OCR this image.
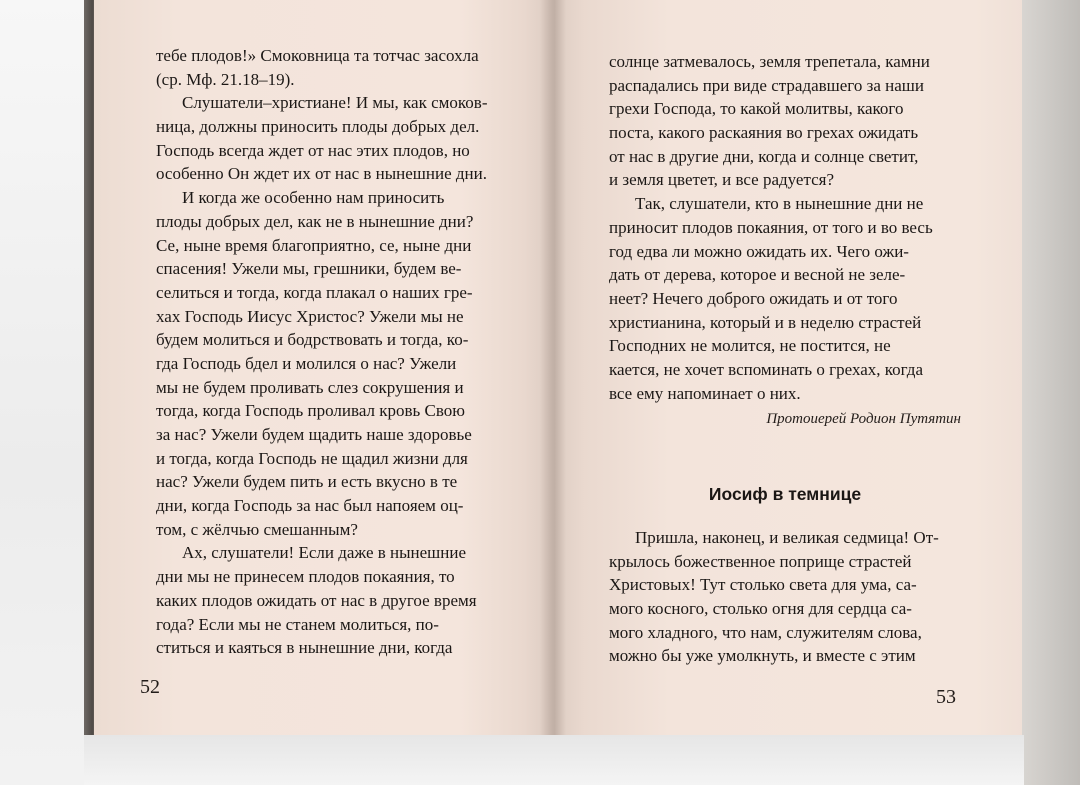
тебе плодов!» Смоковница та тотчас засохла
(ср. Мф. 21.18–19).
Слушатели–христиане! И мы, как смоков-
ница, должны приносить плоды добрых дел.
Господь всегда ждет от нас этих плодов, но
особенно Он ждет их от нас в нынешние дни.
И когда же особенно нам приносить
плоды добрых дел, как не в нынешние дни?
Се, ныне время благоприятно, се, ныне дни
спасения! Ужели мы, грешники, будем ве-
селиться и тогда, когда плакал о наших гре-
хах Господь Иисус Христос? Ужели мы не
будем молиться и бодрствовать и тогда, ко-
гда Господь бдел и молился о нас? Ужели
мы не будем проливать слез сокрушения и
тогда, когда Господь проливал кровь Свою
за нас? Ужели будем щадить наше здоровье
и тогда, когда Господь не щадил жизни для
нас? Ужели будем пить и есть вкусно в те
дни, когда Господь за нас был напояем оц-
том, с жёлчью смешанным?
Ах, слушатели! Если даже в нынешние
дни мы не принесем плодов покаяния, то
каких плодов ожидать от нас в другое время
года? Если мы не станем молиться, по-
ститься и каяться в нынешние дни, когда
солнце затмевалось, земля трепетала, камни
распадались при виде страдавшего за наши
грехи Господа, то какой молитвы, какого
поста, какого раскаяния во грехах ожидать
от нас в другие дни, когда и солнце светит,
и земля цветет, и все радуется?
Так, слушатели, кто в нынешние дни не
приносит плодов покаяния, от того и во весь
год едва ли можно ожидать их. Чего ожи-
дать от дерева, которое и весной не зеле-
неет? Нечего доброго ожидать и от того
христианина, который и в неделю страстей
Господних не молится, не постится, не
кается, не хочет вспоминать о грехах, когда
все ему напоминает о них.
Протоиерей Родион Путятин
Иосиф в темнице
Пришла, наконец, и великая седмица! От-
крылось божественное поприще страстей
Христовых! Тут столько света для ума, са-
мого косного, столько огня для сердца са-
мого хладного, что нам, служителям слова,
можно бы уже умолкнуть, и вместе с этим
52	53
